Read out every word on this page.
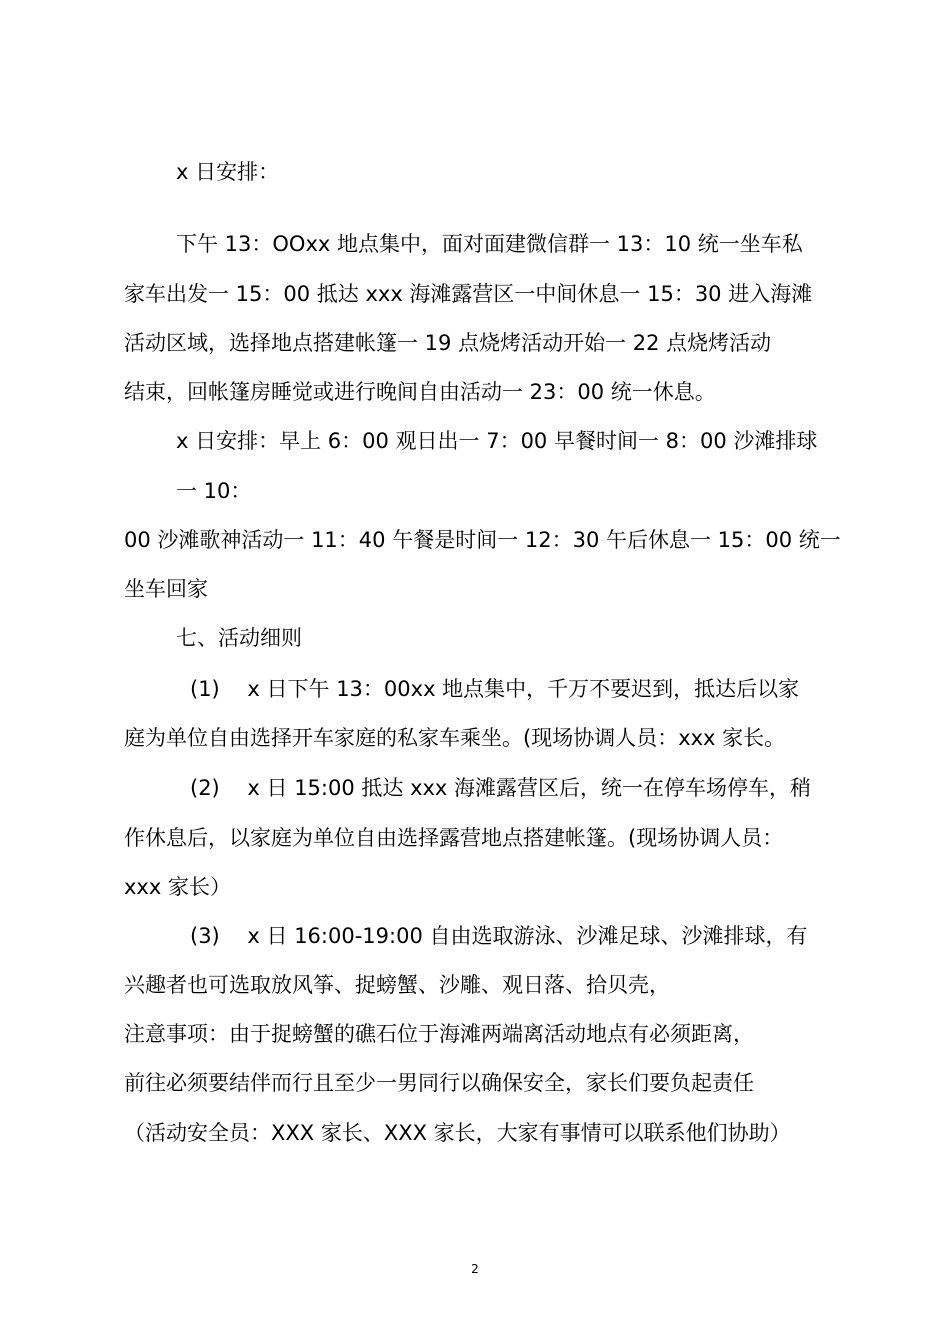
x 日安排：

下午 13：OOxx 地点集中，面对面建微信群一 13：10 统一坐车私

家车出发一 15：00 抵达 xxx 海滩露营区一中间休息一 15：30 进入海滩

活动区域，选择地点搭建帐篷一 19 点烧烤活动开始一 22 点烧烤活动

结束，回帐篷房睡觉或进行晚间自由活动一 23：00 统一休息。

x 日安排：早上 6：00 观日出一 7：00 早餐时间一 8：00 沙滩排球

一 10：

00 沙滩歌神活动一 11：40 午餐是时间一 12：30 午后休息一 15：00 统一

坐车回家

七、活动细则

(1)　 x 日下午 13：00xx 地点集中，千万不要迟到，抵达后以家

庭为单位自由选择开车家庭的私家车乘坐。(现场协调人员：xxx 家长。

(2)　 x 日 15:00 抵达 xxx 海滩露营区后，统一在停车场停车，稍

作休息后，以家庭为单位自由选择露营地点搭建帐篷。(现场协调人员：

xxx 家长）

(3)　 x 日 16:00-19:00 自由选取游泳、沙滩足球、沙滩排球，有

兴趣者也可选取放风筝、捉螃蟹、沙雕、观日落、拾贝壳，

注意事项：由于捉螃蟹的礁石位于海滩两端离活动地点有必须距离，

前往必须要结伴而行且至少一男同行以确保安全，家长们要负起责任

（活动安全员：XXX 家长、XXX 家长，大家有事情可以联系他们协助）

2
